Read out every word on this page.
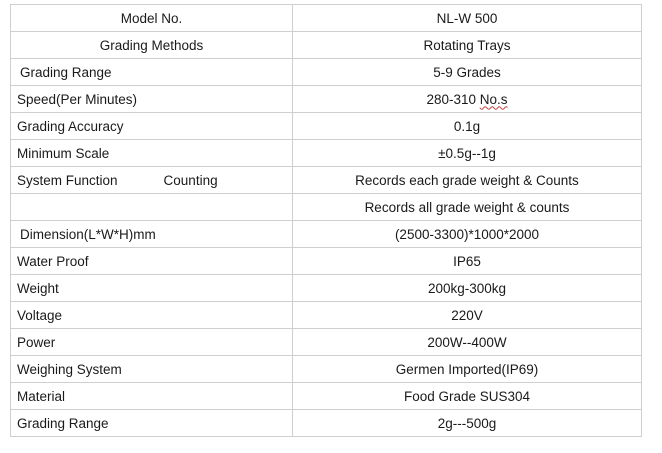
Model No.	NL-W 500
Grading Methods	Rotating Trays
Grading Range	5-9 Grades
Speed(Per Minutes)	280-310 No.s
Grading Accuracy	0.1g
Minimum Scale	±0.5g--1g
System Function Counting	Records each grade weight & Counts
	Records all grade weight & counts
Dimension(L*W*H)mm	(2500-3300)*1000*2000
Water Proof	IP65
Weight	200kg-300kg
Voltage	220V
Power	200W--400W
Weighing System	Germen Imported(IP69)
Material	Food Grade SUS304
Grading Range	2g---500g
